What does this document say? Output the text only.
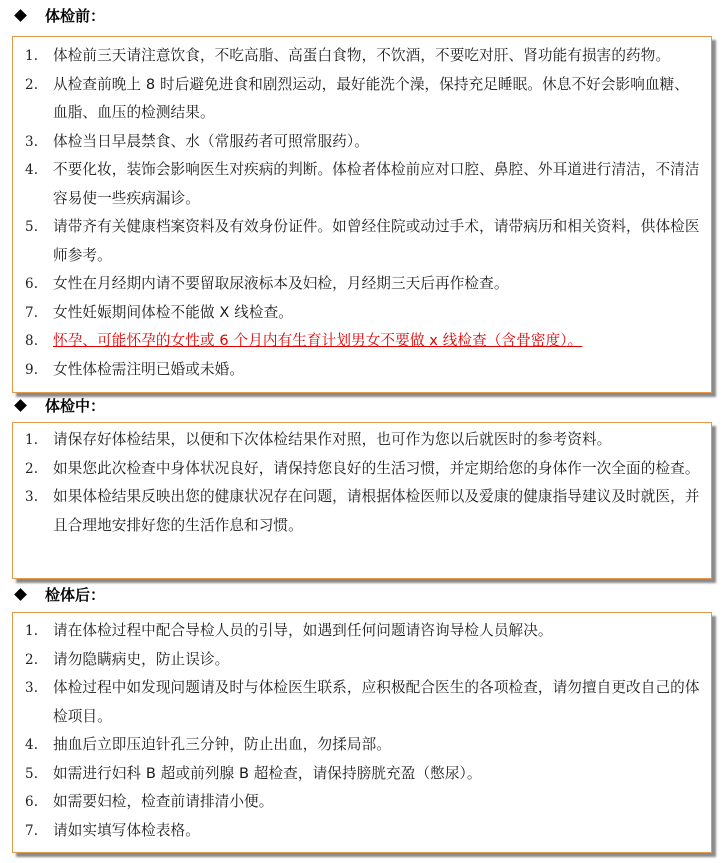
体检前：
1. 体检前三天请注意饮食，不吃高脂、高蛋白食物，不饮酒，不要吃对肝、肾功能有损害的药物。
2. 从检查前晚上 8 时后避免进食和剧烈运动，最好能洗个澡，保持充足睡眠。休息不好会影响血糖、血脂、血压的检测结果。
3. 体检当日早晨禁食、水（常服药者可照常服药）。
4. 不要化妆，装饰会影响医生对疾病的判断。体检者体检前应对口腔、鼻腔、外耳道进行清洁，不清洁容易使一些疾病漏诊。
5. 请带齐有关健康档案资料及有效身份证件。如曾经住院或动过手术，请带病历和相关资料，供体检医师参考。
6. 女性在月经期内请不要留取尿液标本及妇检，月经期三天后再作检查。
7. 女性妊娠期间体检不能做 X 线检查。
8. 怀孕、可能怀孕的女性或 6 个月内有生育计划男女不要做 x 线检查（含骨密度）。
9. 女性体检需注明已婚或未婚。
体检中：
1. 请保存好体检结果，以便和下次体检结果作对照，也可作为您以后就医时的参考资料。
2. 如果您此次检查中身体状况良好，请保持您良好的生活习惯，并定期给您的身体作一次全面的检查。
3. 如果体检结果反映出您的健康状况存在问题，请根据体检医师以及爱康的健康指导建议及时就医，并且合理地安排好您的生活作息和习惯。
检体后：
1. 请在体检过程中配合导检人员的引导，如遇到任何问题请咨询导检人员解决。
2. 请勿隐瞒病史，防止误诊。
3. 体检过程中如发现问题请及时与体检医生联系，应积极配合医生的各项检查，请勿擅自更改自己的体检项目。
4. 抽血后立即压迫针孔三分钟，防止出血，勿揉局部。
5. 如需进行妇科 B 超或前列腺 B 超检查，请保持膀胱充盈（憋尿）。
6. 如需要妇检，检查前请排清小便。
7. 请如实填写体检表格。
